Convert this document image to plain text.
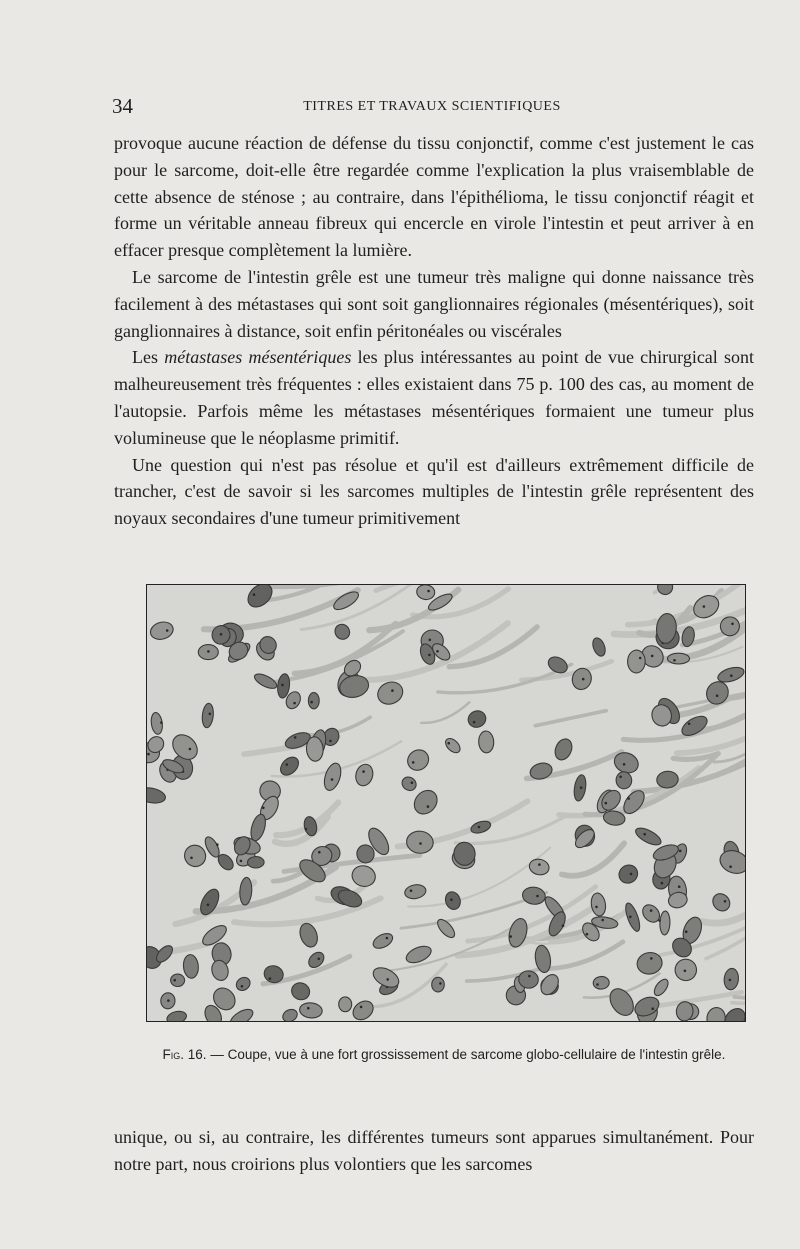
34	TITRES ET TRAVAUX SCIENTIFIQUES

provoque aucune réaction de défense du tissu conjonctif, comme c'est justement le cas pour le sarcome, doit-elle être regardée comme l'explication la plus vraisemblable de cette absence de sténose ; au contraire, dans l'épithélioma, le tissu conjonctif réagit et forme un véritable anneau fibreux qui encercle en virole l'intestin et peut arriver à en effacer presque complètement la lumière.

Le sarcome de l'intestin grêle est une tumeur très maligne qui donne naissance très facilement à des métastases qui sont soit ganglionnaires régionales (mésentériques), soit ganglionnaires à distance, soit enfin péritonéales ou viscérales

Les métastases mésentériques les plus intéressantes au point de vue chirurgical sont malheureusement très fréquentes : elles existaient dans 75 p. 100 des cas, au moment de l'autopsie. Parfois même les métastases mésentériques formaient une tumeur plus volumineuse que le néoplasme primitif.

Une question qui n'est pas résolue et qu'il est d'ailleurs extrêmement difficile de trancher, c'est de savoir si les sarcomes multiples de l'intestin grêle représentent des noyaux secondaires d'une tumeur primitivement

Fig. 16. — Coupe, vue à une fort grossissement de sarcome globo-cellulaire de l'intestin grêle.

unique, ou si, au contraire, les différentes tumeurs sont apparues simultanément. Pour notre part, nous croirions plus volontiers que les sarcomes
